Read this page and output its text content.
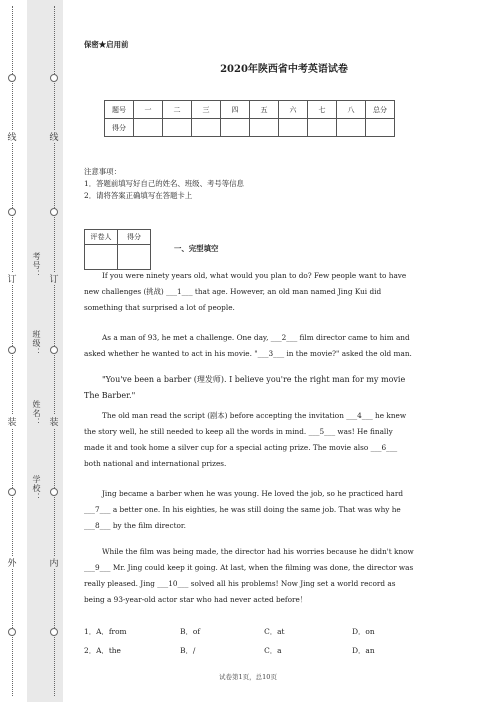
线
订
装
外
线
订
装
内
考号：
班级：
姓名：
学校：
保密★启用前
2020年陕西省中考英语试卷
题号	一	二	三	四	五	六	七	八	总分
得分									
注意事项：
1．答题前填写好自己的姓名、班级、考号等信息
2．请将答案正确填写在答题卡上
评卷人	得分

一、完型填空
If you were ninety years old, what would you plan to do? Few people want to have new challenges (挑战) ___1___ that age. However, an old man named Jing Kui did something that surprised a lot of people.
As a man of 93, he met a challenge. One day, ___2___ film director came to him and asked whether he wanted to act in his movie. "___3___ in the movie?" asked the old man.
"You've been a barber (理发师). I believe you're the right man for my movie The Barber."
The old man read the script (剧本) before accepting the invitation ___4___ he knew the story well, he still needed to keep all the words in mind. ___5___ was! He finally made it and took home a silver cup for a special acting prize. The movie also ___6___ both national and international prizes.
Jing became a barber when he was young. He loved the job, so he practiced hard ___7___ a better one. In his eighties, he was still doing the same job. That was why he ___8___ by the film director.
While the film was being made, the director had his worries because he didn't know ___9___ Mr. Jing could keep it going. At last, when the filming was done, the director was really pleased. Jing ___10___ solved all his problems! Now Jing set a world record as being a 93-year-old actor star who had never acted before！
1．A．from	B．of	C．at	D．on
2．A．the	B．/	C．a	D．an
试卷第1页，总10页
